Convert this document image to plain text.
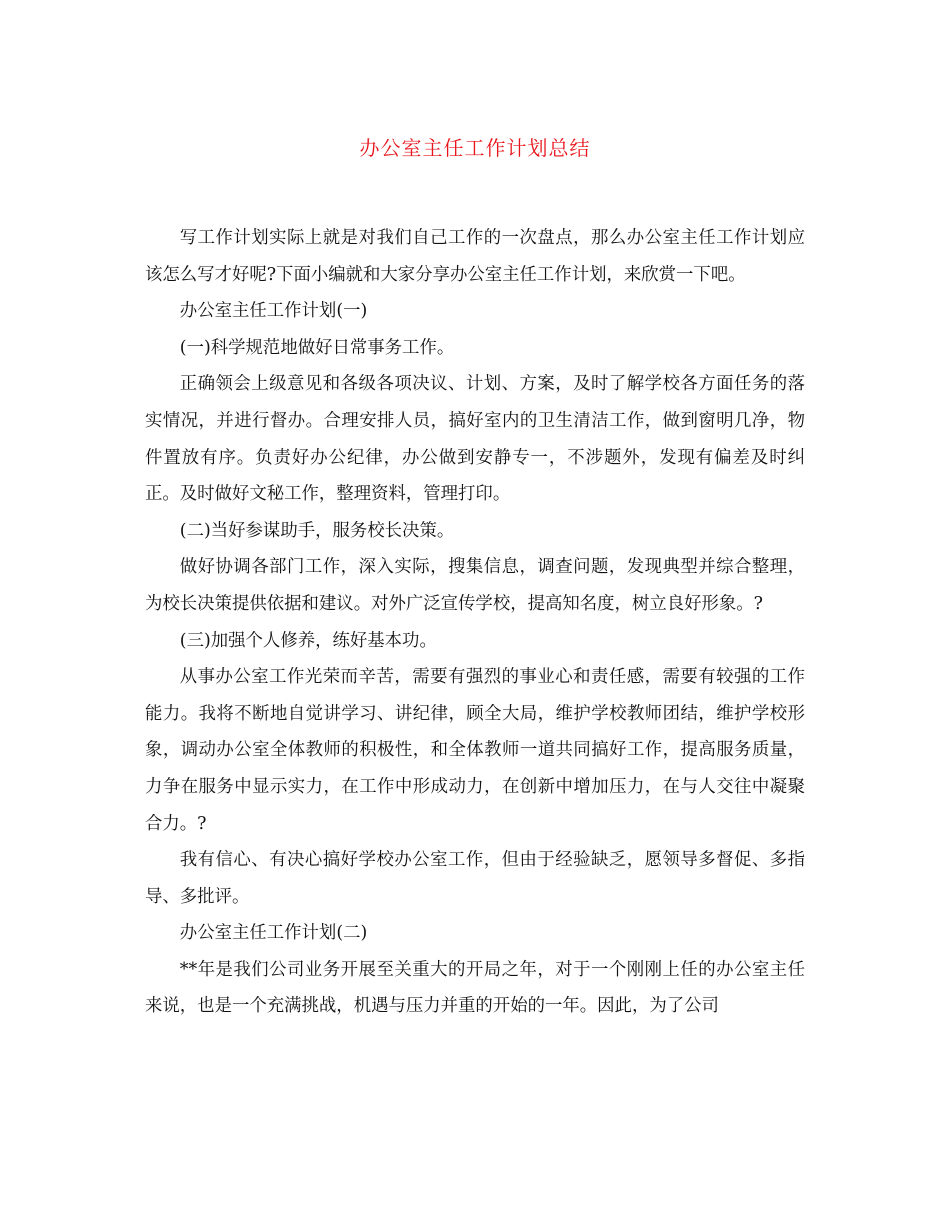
办公室主任工作计划总结

写工作计划实际上就是对我们自己工作的一次盘点，那么办公室主任工作计划应该怎么写才好呢?下面小编就和大家分享办公室主任工作计划，来欣赏一下吧。

办公室主任工作计划(一)

(一)科学规范地做好日常事务工作。

正确领会上级意见和各级各项决议、计划、方案，及时了解学校各方面任务的落实情况，并进行督办。合理安排人员，搞好室内的卫生清洁工作，做到窗明几净，物件置放有序。负责好办公纪律，办公做到安静专一，不涉题外，发现有偏差及时纠正。及时做好文秘工作，整理资料，管理打印。

(二)当好参谋助手，服务校长决策。

做好协调各部门工作，深入实际，搜集信息，调查问题，发现典型并综合整理，为校长决策提供依据和建议。对外广泛宣传学校，提高知名度，树立良好形象。?

(三)加强个人修养，练好基本功。

从事办公室工作光荣而辛苦，需要有强烈的事业心和责任感，需要有较强的工作能力。我将不断地自觉讲学习、讲纪律，顾全大局，维护学校教师团结，维护学校形象，调动办公室全体教师的积极性，和全体教师一道共同搞好工作，提高服务质量，力争在服务中显示实力，在工作中形成动力，在创新中增加压力，在与人交往中凝聚合力。?

我有信心、有决心搞好学校办公室工作，但由于经验缺乏，愿领导多督促、多指导、多批评。

办公室主任工作计划(二)

**年是我们公司业务开展至关重大的开局之年，对于一个刚刚上任的办公室主任来说，也是一个充满挑战，机遇与压力并重的开始的一年。因此，为了公司
